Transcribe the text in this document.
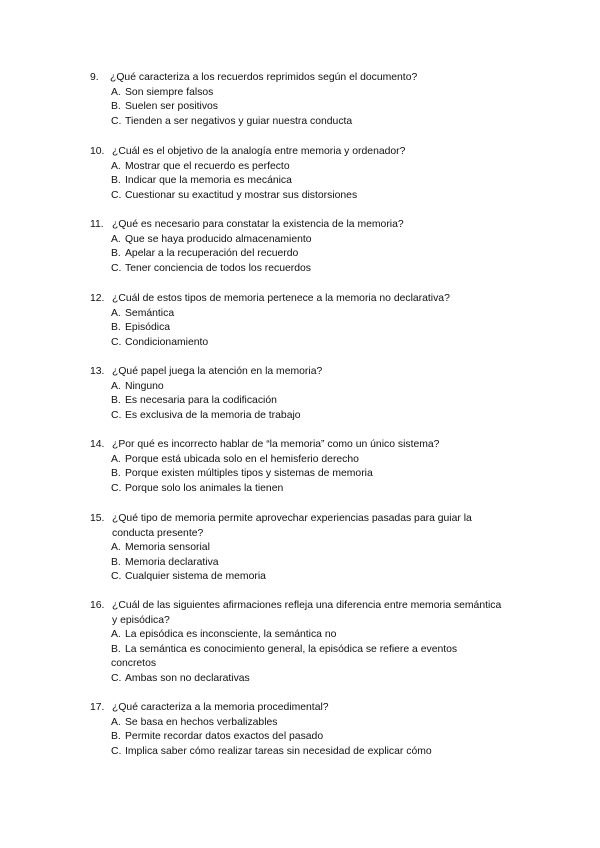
9.	¿Qué caracteriza a los recuerdos reprimidos según el documento?
A. Son siempre falsos
B. Suelen ser positivos
C. Tienden a ser negativos y guiar nuestra conducta
10. ¿Cuál es el objetivo de la analogía entre memoria y ordenador?
A. Mostrar que el recuerdo es perfecto
B. Indicar que la memoria es mecánica
C. Cuestionar su exactitud y mostrar sus distorsiones
11. ¿Qué es necesario para constatar la existencia de la memoria?
A. Que se haya producido almacenamiento
B. Apelar a la recuperación del recuerdo
C. Tener conciencia de todos los recuerdos
12. ¿Cuál de estos tipos de memoria pertenece a la memoria no declarativa?
A. Semántica
B. Episódica
C. Condicionamiento
13. ¿Qué papel juega la atención en la memoria?
A. Ninguno
B. Es necesaria para la codificación
C. Es exclusiva de la memoria de trabajo
14. ¿Por qué es incorrecto hablar de “la memoria” como un único sistema?
A. Porque está ubicada solo en el hemisferio derecho
B. Porque existen múltiples tipos y sistemas de memoria
C. Porque solo los animales la tienen
15. ¿Qué tipo de memoria permite aprovechar experiencias pasadas para guiar la
conducta presente?
A. Memoria sensorial
B. Memoria declarativa
C. Cualquier sistema de memoria
16. ¿Cuál de las siguientes afirmaciones refleja una diferencia entre memoria semántica
y episódica?
A. La episódica es inconsciente, la semántica no
B. La semántica es conocimiento general, la episódica se refiere a eventos
concretos
C. Ambas son no declarativas
17. ¿Qué caracteriza a la memoria procedimental?
A. Se basa en hechos verbalizables
B. Permite recordar datos exactos del pasado
C. Implica saber cómo realizar tareas sin necesidad de explicar cómo
